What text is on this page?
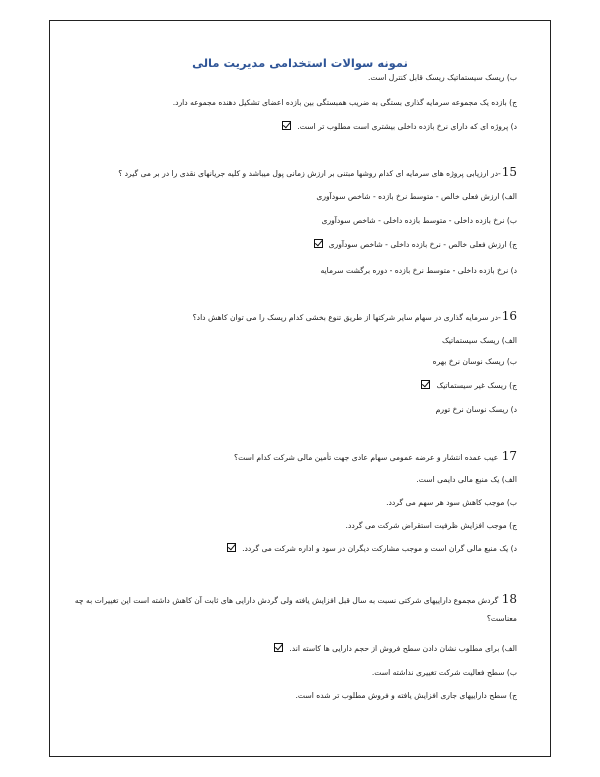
نمونه سوالات استخدامی مدیریت مالی
ب) ریسک سیستماتیک ریسک قابل کنترل است.
ج) بازده یک مجموعه سرمایه گذاری بستگی به ضریب همبستگی بین بازده اعضای تشکیل دهنده مجموعه دارد.
د) پروژه ای که دارای نرخ بازده داخلی بیشتری است مطلوب تر است.
15-در ارزیابی پروژه های سرمایه ای کدام روشها مبتنی بر ارزش زمانی پول میباشد و کلیه جریانهای نقدی را در بر می گیرد ؟
الف) ارزش فعلی خالص - متوسط نرخ بازده - شاخص سودآوری
ب) نرخ بازده داخلی - متوسط بازده داخلی - شاخص سودآوری
ج) ارزش فعلی خالص - نرخ بازده داخلی - شاخص سودآوری
د) نرخ بازده داخلی - متوسط نرخ بازده - دوره برگشت سرمایه
16-در سرمایه گذاری در سهام سایر شرکتها از طریق تنوع بخشی کدام ریسک را می توان کاهش داد؟
الف) ریسک سیستماتیک
ب) ریسک نوسان نرخ بهره
ج) ریسک غیر سیستماتیک
د) ریسک نوسان نرخ تورم
17 عیب عمده انتشار و عرضه عمومی سهام عادی جهت تأمین مالی شرکت کدام است؟
الف) یک منبع مالی دایمی است.
ب) موجب کاهش سود هر سهم می گردد.
ج) موجب افزایش ظرفیت استقراض شرکت می گردد.
د) یک منبع مالی گران است و موجب مشارکت دیگران در سود و اداره شرکت می گردد.
18 گردش مجموع داراییهای شرکتی نسبت به سال قبل افزایش یافته ولی گردش دارایی های ثابت آن کاهش داشته است این تغییرات به چه
معناست؟
الف) برای مطلوب نشان دادن سطح فروش از حجم دارایی ها کاسته اند.
ب) سطح فعالیت شرکت تغییری نداشته است.
ج) سطح داراییهای جاری افزایش یافته و فروش مطلوب تر شده است.
